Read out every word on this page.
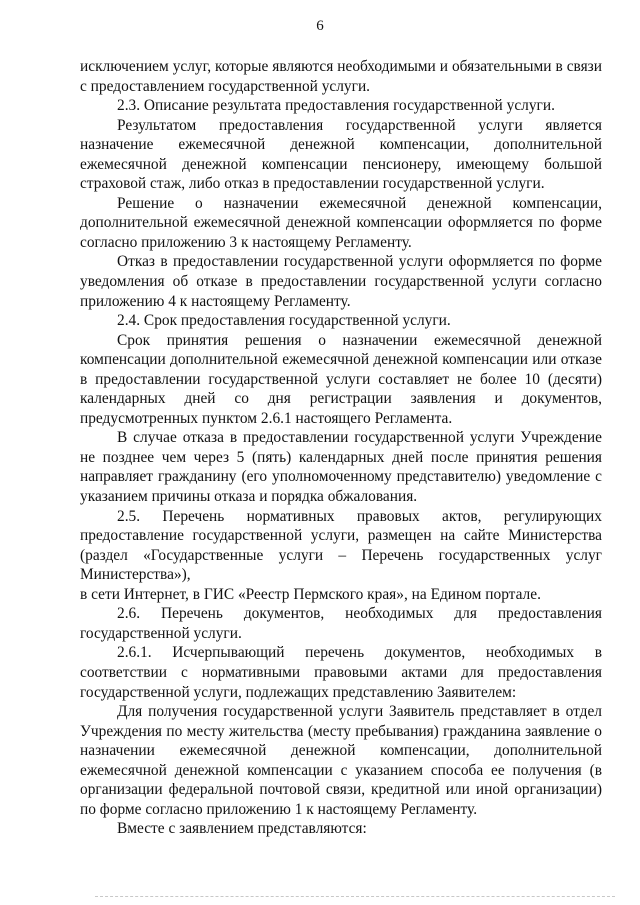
6

исключением услуг, которые являются необходимыми и обязательными в связи с предоставлением государственной услуги.

2.3. Описание результата предоставления государственной услуги.

Результатом предоставления государственной услуги является назначение ежемесячной денежной компенсации, дополнительной ежемесячной денежной компенсации пенсионеру, имеющему большой страховой стаж, либо отказ в предоставлении государственной услуги.

Решение о назначении ежемесячной денежной компенсации, дополнительной ежемесячной денежной компенсации оформляется по форме согласно приложению 3 к настоящему Регламенту.

Отказ в предоставлении государственной услуги оформляется по форме уведомления об отказе в предоставлении государственной услуги согласно приложению 4 к настоящему Регламенту.

2.4. Срок предоставления государственной услуги.

Срок принятия решения о назначении ежемесячной денежной компенсации дополнительной ежемесячной денежной компенсации или отказе в предоставлении государственной услуги составляет не более 10 (десяти) календарных дней со дня регистрации заявления и документов, предусмотренных пунктом 2.6.1 настоящего Регламента.

В случае отказа в предоставлении государственной услуги Учреждение не позднее чем через 5 (пять) календарных дней после принятия решения направляет гражданину (его уполномоченному представителю) уведомление с указанием причины отказа и порядка обжалования.

2.5. Перечень нормативных правовых актов, регулирующих предоставление государственной услуги, размещен на сайте Министерства (раздел «Государственные услуги – Перечень государственных услуг Министерства»),

в сети Интернет, в ГИС «Реестр Пермского края», на Едином портале.

2.6. Перечень документов, необходимых для предоставления государственной услуги.

2.6.1. Исчерпывающий перечень документов, необходимых в соответствии с нормативными правовыми актами для предоставления государственной услуги, подлежащих представлению Заявителем:

Для получения государственной услуги Заявитель представляет в отдел Учреждения по месту жительства (месту пребывания) гражданина заявление о назначении ежемесячной денежной компенсации, дополнительной ежемесячной денежной компенсации с указанием способа ее получения (в организации федеральной почтовой связи, кредитной или иной организации) по форме согласно приложению 1 к настоящему Регламенту.

Вместе с заявлением представляются:
